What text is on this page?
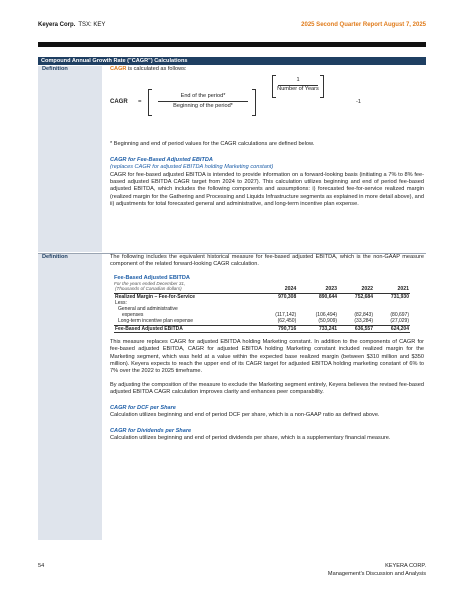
Keyera Corp. TSX: KEY	2025 Second Quarter Report August 7, 2025
Compound Annual Growth Rate ("CAGR") Calculations
Definition	CAGR is calculated as follows:

CAGR =
End of the period*
Beginning of the period*
1
Number of Years
-1

* Beginning and end of period values for the CAGR calculations are defined below.

CAGR for Fee-Based Adjusted EBITDA

(replaces CAGR for adjusted EBITDA holding Marketing constant)

CAGR for fee-based adjusted EBITDA is intended to provide information on a forward-looking basis (initiating a 7% to 8% fee-based adjusted EBITDA CAGR target from 2024 to 2027). This calculation utilizes beginning and end of period fee-based adjusted EBITDA, which includes the following components and assumptions: i) forecasted fee-for-service realized margin (realized margin for the Gathering and Processing and Liquids Infrastructure segments as explained in more detail above), and ii) adjustments for total forecasted general and administrative, and long-term incentive plan expense.

Definition	The following includes the equivalent historical measure for fee-based adjusted EBITDA, which is the non-GAAP measure component of the related forward-looking CAGR calculation.

Fee-Based Adjusted EBITDA
For the years ended December 31,
(Thousands of Canadian dollars)	2024	2023	2022	2021
Realized Margin – Fee-for-Service	970,308	890,644	752,684	731,930
Less:				
General and administrative				
expenses	(117,142)	(106,494)	(82,843)	(80,697)
Long-term incentive plan expense	(62,450)	(50,909)	(33,284)	(27,029)
Fee-Based Adjusted EBITDA	790,716	733,241	636,557	624,204

This measure replaces CAGR for adjusted EBITDA holding Marketing constant. In addition to the components of CAGR for fee-based adjusted EBITDA, CAGR for adjusted EBITDA holding Marketing constant included realized margin for the Marketing segment, which was held at a value within the expected base realized margin (between $310 million and $350 million). Keyera expects to reach the upper end of its CAGR target for adjusted EBITDA holding marketing constant of 6% to 7% over the 2022 to 2025 timeframe.

By adjusting the composition of the measure to exclude the Marketing segment entirely, Keyera believes the revised fee-based adjusted EBITDA CAGR calculation improves clarity and enhances peer comparability.

CAGR for DCF per Share

Calculation utilizes beginning and end of period DCF per share, which is a non-GAAP ratio as defined above.

CAGR for Dividends per Share

Calculation utilizes beginning and end of period dividends per share, which is a supplementary financial measure.

54	KEYERA CORP.
Management's Discussion and Analysis
